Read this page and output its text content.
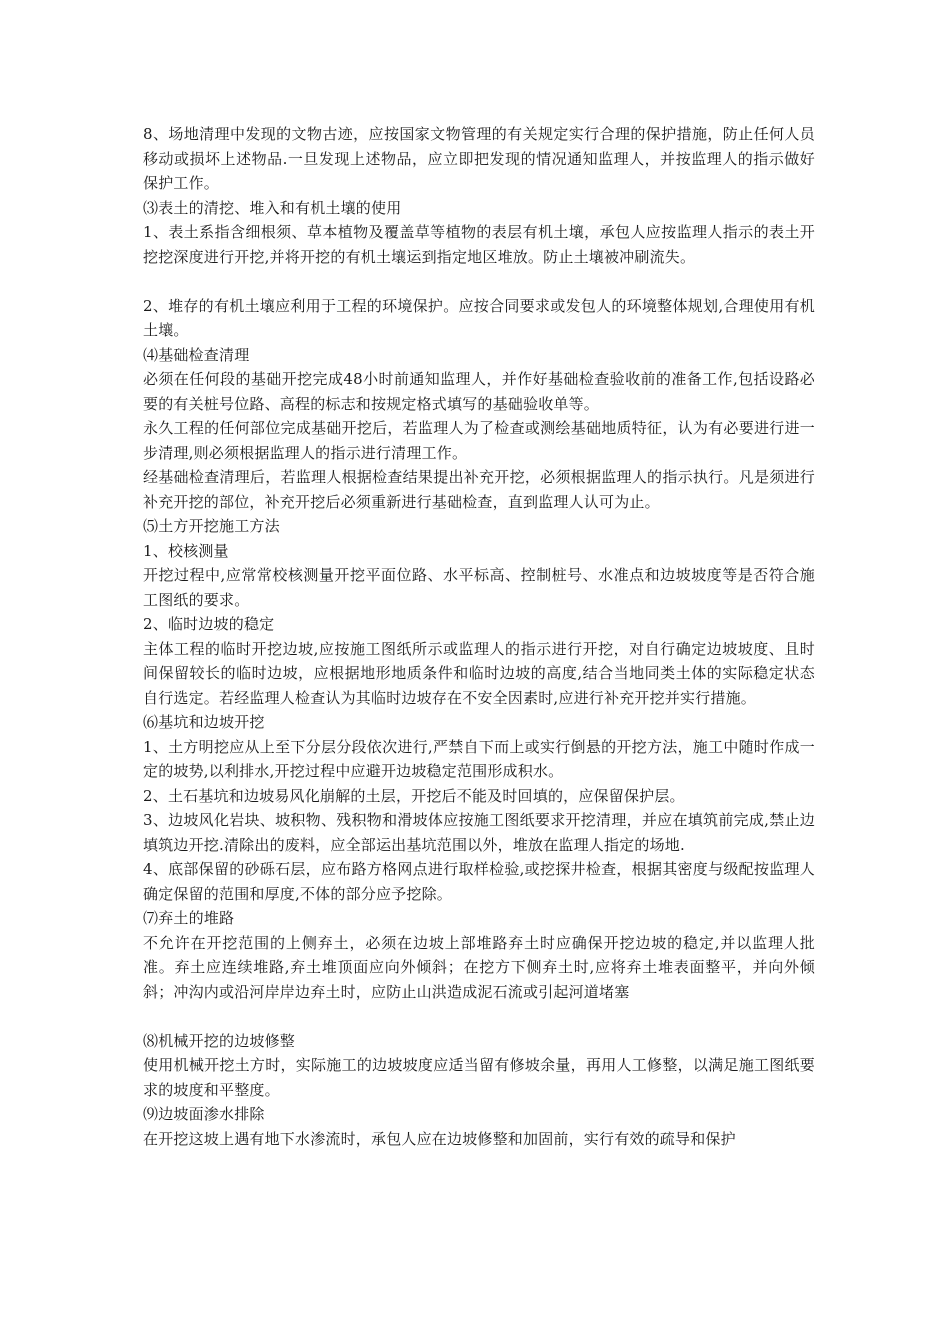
8、场地清理中发现的文物古迹，应按国家文物管理的有关规定实行合理的保护措施，防止任何人员移动或损坏上述物品.一旦发现上述物品，应立即把发现的情况通知监理人，并按监理人的指示做好保护工作。

⑶表土的清挖、堆入和有机土壤的使用

1、表土系指含细根须、草本植物及覆盖草等植物的表层有机土壤，承包人应按监理人指示的表土开挖挖深度进行开挖,并将开挖的有机土壤运到指定地区堆放。防止土壤被冲刷流失。

2、堆存的有机土壤应利用于工程的环境保护。应按合同要求或发包人的环境整体规划,合理使用有机土壤。

⑷基础检查清理

必须在任何段的基础开挖完成48小时前通知监理人，并作好基础检查验收前的准备工作,包括设路必要的有关桩号位路、高程的标志和按规定格式填写的基础验收单等。

永久工程的任何部位完成基础开挖后，若监理人为了检查或测绘基础地质特征，认为有必要进行进一步清理,则必须根据监理人的指示进行清理工作。

经基础检查清理后，若监理人根据检查结果提出补充开挖，必须根据监理人的指示执行。凡是须进行补充开挖的部位，补充开挖后必须重新进行基础检查，直到监理人认可为止。

⑸土方开挖施工方法

1、校核测量

开挖过程中,应常常校核测量开挖平面位路、水平标高、控制桩号、水准点和边坡坡度等是否符合施工图纸的要求。

2、临时边坡的稳定

主体工程的临时开挖边坡,应按施工图纸所示或监理人的指示进行开挖，对自行确定边坡坡度、且时间保留较长的临时边坡，应根据地形地质条件和临时边坡的高度,结合当地同类土体的实际稳定状态自行选定。若经监理人检查认为其临时边坡存在不安全因素时,应进行补充开挖并实行措施。

⑹基坑和边坡开挖

1、土方明挖应从上至下分层分段依次进行,严禁自下而上或实行倒悬的开挖方法，施工中随时作成一定的坡势,以利排水,开挖过程中应避开边坡稳定范围形成积水。

2、土石基坑和边坡易风化崩解的土层，开挖后不能及时回填的，应保留保护层。

3、边坡风化岩块、坡积物、残积物和滑坡体应按施工图纸要求开挖清理，并应在填筑前完成,禁止边填筑边开挖.清除出的废料，应全部运出基坑范围以外，堆放在监理人指定的场地.

4、底部保留的砂砾石层，应布路方格网点进行取样检验,或挖探井检查，根据其密度与级配按监理人确定保留的范围和厚度,不体的部分应予挖除。

⑺弃土的堆路

不允许在开挖范围的上侧弃土，必须在边坡上部堆路弃土时应确保开挖边坡的稳定,并以监理人批准。弃土应连续堆路,弃土堆顶面应向外倾斜；在挖方下侧弃土时,应将弃土堆表面整平，并向外倾斜；冲沟内或沿河岸岸边弃土时，应防止山洪造成泥石流或引起河道堵塞

⑻机械开挖的边坡修整

使用机械开挖土方时，实际施工的边坡坡度应适当留有修坡余量，再用人工修整，以满足施工图纸要求的坡度和平整度。

⑼边坡面渗水排除

在开挖这坡上遇有地下水渗流时，承包人应在边坡修整和加固前，实行有效的疏导和保护
